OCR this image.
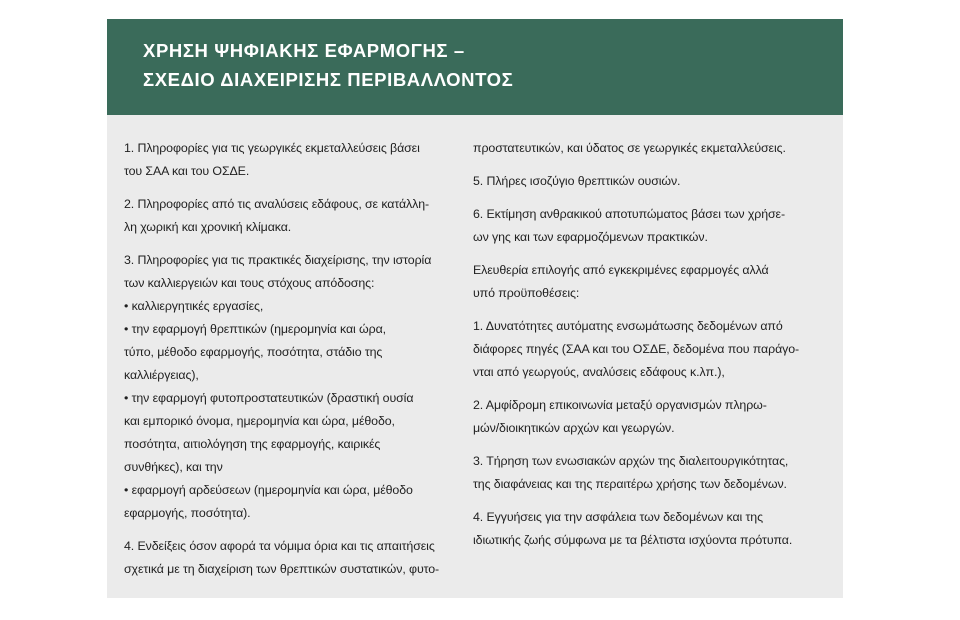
ΧΡΗΣΗ ΨΗΦΙΑΚΗΣ ΕΦΑΡΜΟΓΗΣ –
ΣΧΕΔΙΟ ΔΙΑΧΕΙΡΙΣΗΣ ΠΕΡΙΒΑΛΛΟΝΤΟΣ
1. Πληροφορίες για τις γεωργικές εκμεταλλεύσεις βάσει
του ΣΑΑ και του ΟΣΔΕ.
2. Πληροφορίες από τις αναλύσεις εδάφους, σε κατάλλη-
λη χωρική και χρονική κλίμακα.
3. Πληροφορίες για τις πρακτικές διαχείρισης, την ιστορία
των καλλιεργειών και τους στόχους απόδοσης:
• καλλιεργητικές εργασίες,
• την εφαρμογή θρεπτικών (ημερομηνία και ώρα,
τύπο, μέθοδο εφαρμογής, ποσότητα, στάδιο της
καλλιέργειας),
• την εφαρμογή φυτοπροστατευτικών (δραστική ουσία
και εμπορικό όνομα, ημερομηνία και ώρα, μέθοδο,
ποσότητα, αιτιολόγηση της εφαρμογής, καιρικές
συνθήκες), και την
• εφαρμογή αρδεύσεων (ημερομηνία και ώρα, μέθοδο
εφαρμογής, ποσότητα).
4. Ενδείξεις όσον αφορά τα νόμιμα όρια και τις απαιτήσεις
σχετικά με τη διαχείριση των θρεπτικών συστατικών, φυτο-
προστατευτικών, και ύδατος σε γεωργικές εκμεταλλεύσεις.
5. Πλήρες ισοζύγιο θρεπτικών ουσιών.
6. Εκτίμηση ανθρακικού αποτυπώματος βάσει των χρήσε-
ων γης και των εφαρμοζόμενων πρακτικών.
Ελευθερία επιλογής από εγκεκριμένες εφαρμογές αλλά
υπό προϋποθέσεις:
1. Δυνατότητες αυτόματης ενσωμάτωσης δεδομένων από
διάφορες πηγές (ΣΑΑ και του ΟΣΔΕ, δεδομένα που παράγο-
νται από γεωργούς, αναλύσεις εδάφους κ.λπ.),
2. Αμφίδρομη επικοινωνία μεταξύ οργανισμών πληρω-
μών/διοικητικών αρχών και γεωργών.
3. Τήρηση των ενωσιακών αρχών της διαλειτουργικότητας,
της διαφάνειας και της περαιτέρω χρήσης των δεδομένων.
4. Εγγυήσεις για την ασφάλεια των δεδομένων και της
ιδιωτικής ζωής σύμφωνα με τα βέλτιστα ισχύοντα πρότυπα.
